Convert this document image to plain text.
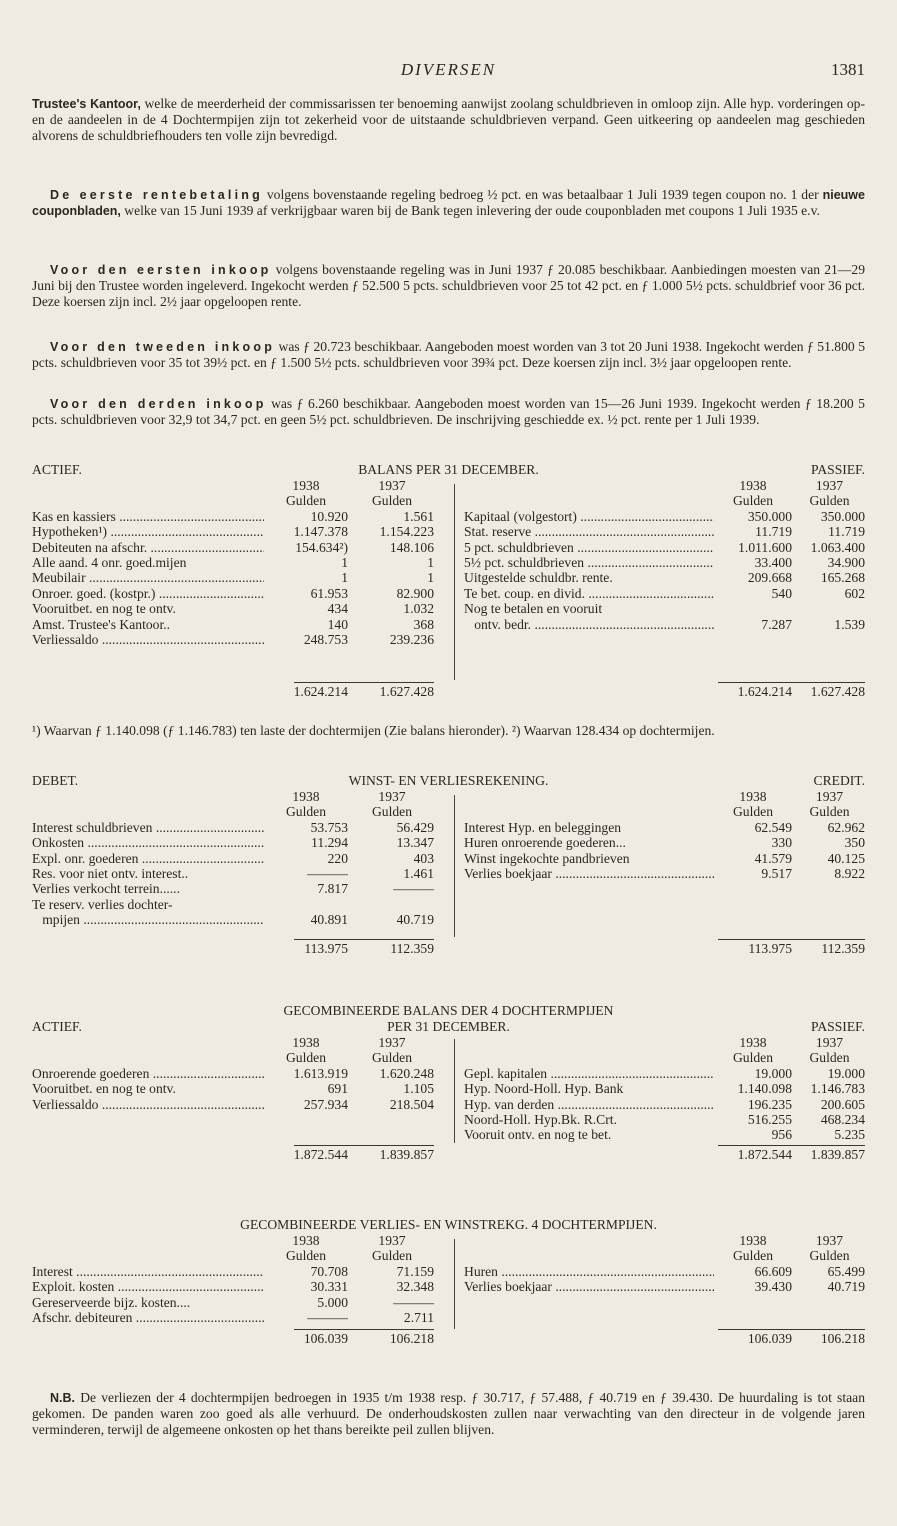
DIVERSEN	1381

Trustee's Kantoor, welke de meerderheid der commissarissen ter benoeming aanwijst zoolang schuldbrieven in omloop zijn. Alle hyp. vorderingen op- en de aandeelen in de 4 Dochtermpijen zijn tot zekerheid voor de uitstaande schuldbrieven verpand. Geen uitkeering op aandeelen mag geschieden alvorens de schuldbriefhouders ten volle zijn bevredigd.

De eerste rentebetaling volgens bovenstaande regeling bedroeg ½ pct. en was betaalbaar 1 Juli 1939 tegen coupon no. 1 der nieuwe couponbladen, welke van 15 Juni 1939 af verkrijgbaar waren bij de Bank tegen inlevering der oude couponbladen met coupons 1 Juli 1935 e.v.

Voor den eersten inkoop volgens bovenstaande regeling was in Juni 1937 ƒ 20.085 beschikbaar. Aanbiedingen moesten van 21—29 Juni bij den Trustee worden ingeleverd. Ingekocht werden ƒ 52.500 5 pcts. schuldbrieven voor 25 tot 42 pct. en ƒ 1.000 5½ pcts. schuldbrief voor 36 pct. Deze koersen zijn incl. 2½ jaar opgeloopen rente.

Voor den tweeden inkoop was ƒ 20.723 beschikbaar. Aangeboden moest worden van 3 tot 20 Juni 1938. Ingekocht werden ƒ 51.800 5 pcts. schuldbrieven voor 35 tot 39½ pct. en ƒ 1.500 5½ pcts. schuldbrieven voor 39¾ pct. Deze koersen zijn incl. 3½ jaar opgeloopen rente.

Voor den derden inkoop was ƒ 6.260 beschikbaar. Aangeboden moest worden van 15—26 Juni 1939. Ingekocht werden ƒ 18.200 5 pcts. schuldbrieven voor 32,9 tot 34,7 pct. en geen 5½ pct. schuldbrieven. De inschrijving geschiedde ex. ½ pct. rente per 1 Juli 1939.

ACTIEF.	BALANS PER 31 DECEMBER.	PASSIEF.
1938	1937
Gulden	Gulden
Kas en kassiers .....	10.920	1.561
Hypotheken¹) .....	1.147.378	1.154.223
Debiteuten na afschr. .....	154.634²)	148.106
Alle aand. 4 onr. goed.mijen	1	1
Meubilair .....	1	1
Onroer. goed. (kostpr.) .....	61.953	82.900
Vooruitbet. en nog te ontv.	434	1.032
Amst. Trustee's Kantoor..	140	368
Verliessaldo .....	248.753	239.236
1938	1937
Gulden	Gulden
Kapitaal (volgestort) .....	350.000	350.000
Stat. reserve .....	11.719	11.719
5 pct. schuldbrieven .....	1.011.600	1.063.400
5½ pct. schuldbrieven .....	33.400	34.900
Uitgestelde schuldbr. rente.	209.668	165.268
Te bet. coup. en divid. .....	540	602
Nog te betalen en vooruit
ontv. bedr. .....	7.287	1.539
1.624.214	1.627.428	1.624.214	1.627.428

¹) Waarvan ƒ 1.140.098 (ƒ 1.146.783) ten laste der dochtermijen (Zie balans hieronder). ²) Waarvan 128.434 op dochtermijen.

DEBET.	WINST- EN VERLIESREKENING.	CREDIT.
1938	1937
Gulden	Gulden
Interest schuldbrieven .....	53.753	56.429
Onkosten .....	11.294	13.347
Expl. onr. goederen .....	220	403
Res. voor niet ontv. interest..	———	1.461
Verlies verkocht terrein......	7.817	———
Te reserv. verlies dochter-
mpijen .....	40.891	40.719
1938	1937
Gulden	Gulden
Interest Hyp. en beleggingen	62.549	62.962
Huren onroerende goederen...	330	350
Winst ingekochte pandbrieven	41.579	40.125
Verlies boekjaar .....	9.517	8.922
113.975	112.359	113.975	112.359
GECOMBINEERDE BALANS DER 4 DOCHTERMPIJEN
ACTIEF.	PER 31 DECEMBER.	PASSIEF.
1938	1937
Gulden	Gulden
Onroerende goederen .....	1.613.919	1.620.248
Vooruitbet. en nog te ontv.	691	1.105
Verliessaldo .....	257.934	218.504
1938	1937
Gulden	Gulden
Gepl. kapitalen .....	19.000	19.000
Hyp. Noord-Holl. Hyp. Bank	1.140.098	1.146.783
Hyp. van derden .....	196.235	200.605
Noord-Holl. Hyp.Bk. R.Crt.	516.255	468.234
Vooruit ontv. en nog te bet.	956	5.235
1.872.544	1.839.857	1.872.544	1.839.857
GECOMBINEERDE VERLIES- EN WINSTREKG. 4 DOCHTERMPIJEN.
1938	1937
Gulden	Gulden
Interest .....	70.708	71.159
Exploit. kosten .....	30.331	32.348
Gereserveerde bijz. kosten....	5.000	———
Afschr. debiteuren .....	———	2.711
1938	1937
Gulden	Gulden
Huren .....	66.609	65.499
Verlies boekjaar .....	39.430	40.719
106.039	106.218	106.039	106.218

N.B. De verliezen der 4 dochtermpijen bedroegen in 1935 t/m 1938 resp. ƒ 30.717, ƒ 57.488, ƒ 40.719 en ƒ 39.430. De huurdaling is tot staan gekomen. De panden waren zoo goed als alle verhuurd. De onderhoudskosten zullen naar verwachting van den directeur in de volgende jaren verminderen, terwijl de algemeene onkosten op het thans bereikte peil zullen blijven.
